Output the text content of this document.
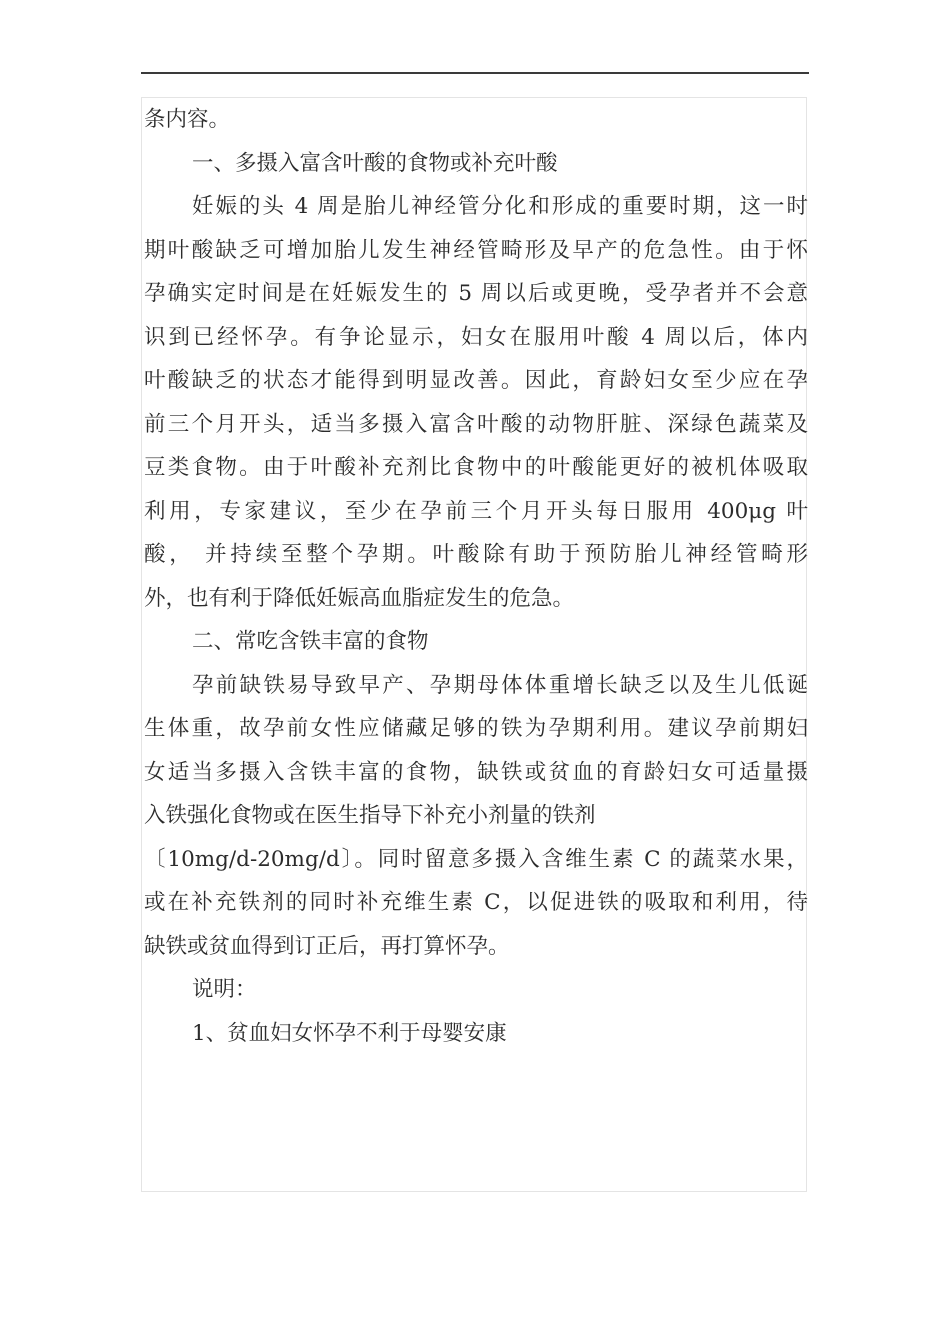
条内容。
一、多摄入富含叶酸的食物或补充叶酸
妊娠的头 4 周是胎儿神经管分化和形成的重要时期，这一时
期叶酸缺乏可增加胎儿发生神经管畸形及早产的危急性。由于怀
孕确实定时间是在妊娠发生的 5 周以后或更晚，受孕者并不会意
识到已经怀孕。有争论显示，妇女在服用叶酸 4 周以后，体内
叶酸缺乏的状态才能得到明显改善。因此，育龄妇女至少应在孕
前三个月开头，适当多摄入富含叶酸的动物肝脏、深绿色蔬菜及
豆类食物。由于叶酸补充剂比食物中的叶酸能更好的被机体吸取
利用，专家建议，至少在孕前三个月开头每日服用 400μg 叶
酸， 并持续至整个孕期。叶酸除有助于预防胎儿神经管畸形
外，也有利于降低妊娠高血脂症发生的危急。
二、常吃含铁丰富的食物
孕前缺铁易导致早产、孕期母体体重增长缺乏以及生儿低诞
生体重，故孕前女性应储藏足够的铁为孕期利用。建议孕前期妇
女适当多摄入含铁丰富的食物，缺铁或贫血的育龄妇女可适量摄
入铁强化食物或在医生指导下补充小剂量的铁剂
〔10mg/d-20mg/d〕。同时留意多摄入含维生素 C 的蔬菜水果，
或在补充铁剂的同时补充维生素 C，以促进铁的吸取和利用，待
缺铁或贫血得到订正后，再打算怀孕。
说明：
1、贫血妇女怀孕不利于母婴安康
